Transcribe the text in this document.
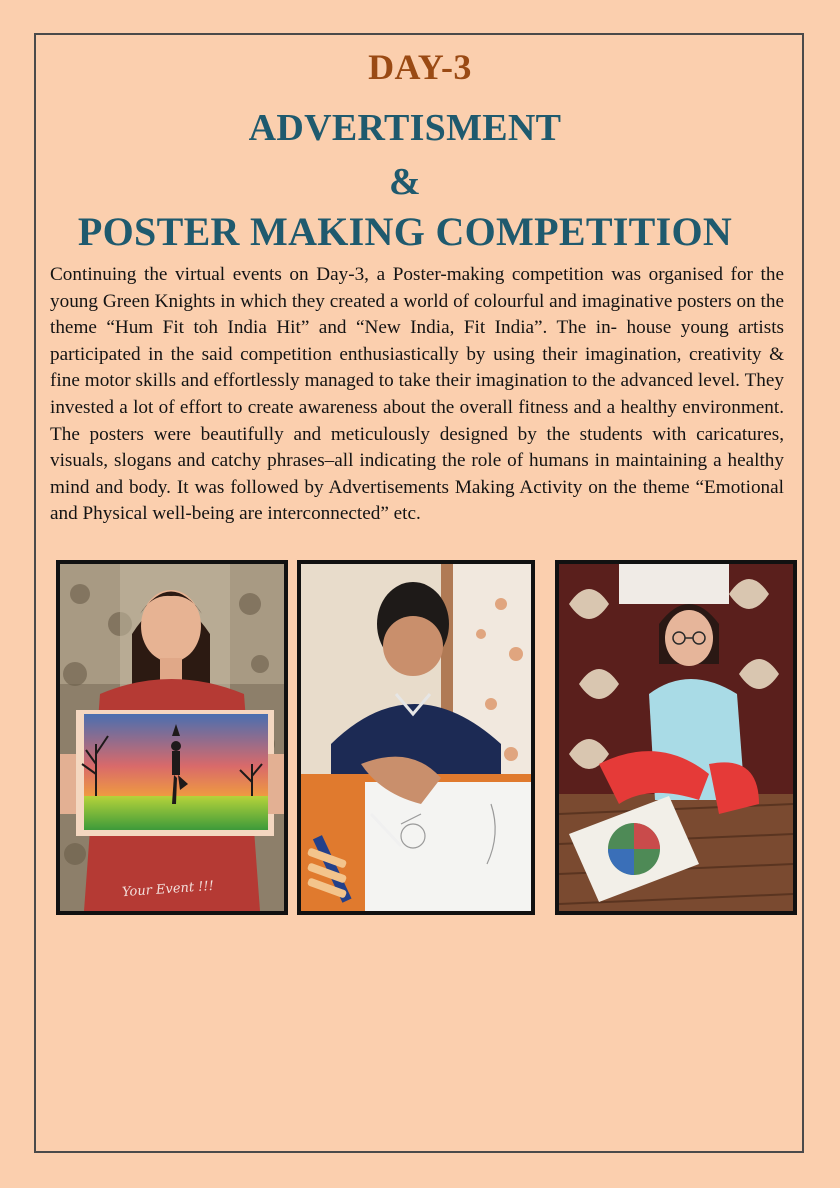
DAY-3
ADVERTISMENT
&
POSTER MAKING COMPETITION
Continuing the virtual events on Day-3, a Poster-making competition was organised for the young Green Knights in which they created a world of colourful and imaginative posters on the theme “Hum Fit toh India Hit” and “New India, Fit India”. The in- house young artists participated in the said competition enthusiastically by using their imagination, creativity & fine motor skills and effortlessly managed to take their imagination to the advanced level. They invested a lot of effort to create awareness about the overall fitness and a healthy environment. The posters were beautifully and meticulously designed by the students with caricatures, visuals, slogans and catchy phrases–all indicating the role of humans in maintaining a healthy mind and body. It was followed by Advertisements Making Activity on the theme “Emotional and Physical well-being are interconnected” etc.
Your Event !!!
